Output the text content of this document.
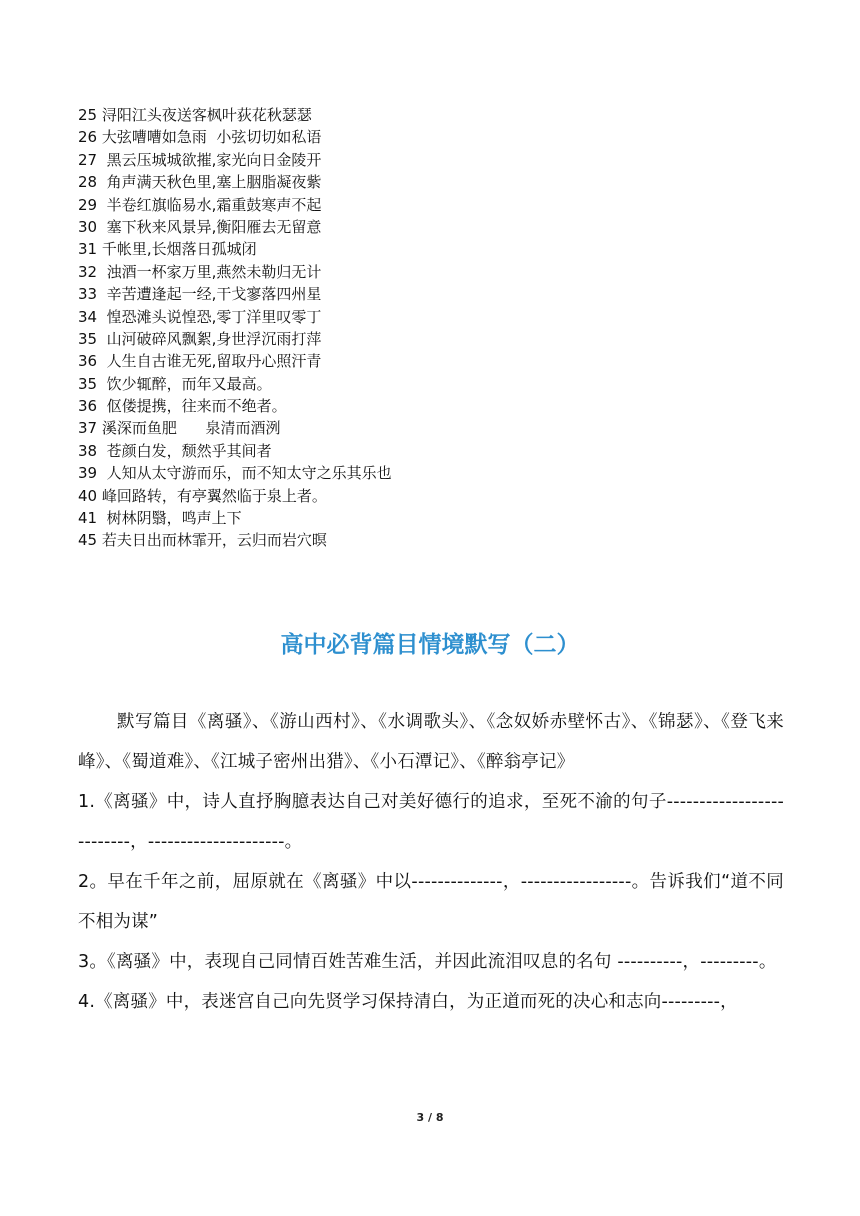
25 浔阳江头夜送客枫叶荻花秋瑟瑟
26 大弦嘈嘈如急雨  小弦切切如私语
27  黑云压城城欲摧,家光向日金陵开
28  角声满天秋色里,塞上胭脂凝夜紫
29  半卷红旗临易水,霜重鼓寒声不起
30  塞下秋来风景异,衡阳雁去无留意
31 千帐里,长烟落日孤城闭
32  浊酒一杯家万里,燕然未勒归无计
33  辛苦遭逢起一经,干戈寥落四州星
34  惶恐滩头说惶恐,零丁洋里叹零丁
35  山河破碎风飘絮,身世浮沉雨打萍
36  人生自古谁无死,留取丹心照汗青
35  饮少辄醉，而年又最高。
36  伛偻提携，往来而不绝者。
37 溪深而鱼肥      泉清而酒洌
38  苍颜白发，颓然乎其间者
39  人知从太守游而乐，而不知太守之乐其乐也
40 峰回路转，有亭翼然临于泉上者。
41  树林阴翳，鸣声上下
45 若夫日出而林霏开，云归而岩穴暝
高中必背篇目情境默写（二）
默写篇目《离骚》、《游山西村》、《水调歌头》、《念奴娇赤壁怀古》、《锦瑟》、《登飞来峰》、《蜀道难》、《江城子密州出猎》、《小石潭记》、《醉翁亭记》
1.《离骚》中，诗人直抒胸臆表达自己对美好德行的追求，至死不渝的句子--------------------------，---------------------。
2。早在千年之前，屈原就在《离骚》中以--------------，-----------------。告诉我们“道不同不相为谋”
3。《离骚》中，表现自己同情百姓苦难生活，并因此流泪叹息的名句 ----------，---------。
4.《离骚》中，表迷宫自己向先贤学习保持清白，为正道而死的决心和志向---------，
3 / 8
